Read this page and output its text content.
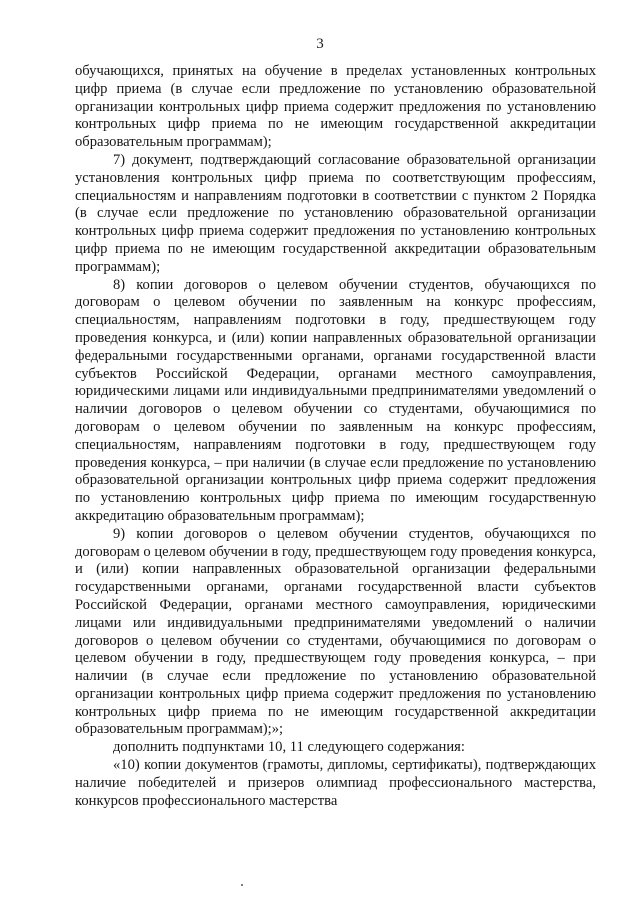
3

обучающихся, принятых на обучение в пределах установленных контрольных цифр приема (в случае если предложение по установлению образовательной организации контрольных цифр приема содержит предложения по установлению контрольных цифр приема по не имеющим государственной аккредитации образовательным программам);

7) документ, подтверждающий согласование образовательной организации установления контрольных цифр приема по соответствующим профессиям, специальностям и направлениям подготовки в соответствии с пунктом 2 Порядка (в случае если предложение по установлению образовательной организации контрольных цифр приема содержит предложения по установлению контрольных цифр приема по не имеющим государственной аккредитации образовательным программам);

8) копии договоров о целевом обучении студентов, обучающихся по договорам о целевом обучении по заявленным на конкурс профессиям, специальностям, направлениям подготовки в году, предшествующем году проведения конкурса, и (или) копии направленных образовательной организации федеральными государственными органами, органами государственной власти субъектов Российской Федерации, органами местного самоуправления, юридическими лицами или индивидуальными предпринимателями уведомлений о наличии договоров о целевом обучении со студентами, обучающимися по договорам о целевом обучении по заявленным на конкурс профессиям, специальностям, направлениям подготовки в году, предшествующем году проведения конкурса, – при наличии (в случае если предложение по установлению образовательной организации контрольных цифр приема содержит предложения по установлению контрольных цифр приема по имеющим государственную аккредитацию образовательным программам);

9) копии договоров о целевом обучении студентов, обучающихся по договорам о целевом обучении в году, предшествующем году проведения конкурса, и (или) копии направленных образовательной организации федеральными государственными органами, органами государственной власти субъектов Российской Федерации, органами местного самоуправления, юридическими лицами или индивидуальными предпринимателями уведомлений о наличии договоров о целевом обучении со студентами, обучающимися по договорам о целевом обучении в году, предшествующем году проведения конкурса, – при наличии (в случае если предложение по установлению образовательной организации контрольных цифр приема содержит предложения по установлению контрольных цифр приема по не имеющим государственной аккредитации образовательным программам);»;

дополнить подпунктами 10, 11 следующего содержания:

«10) копии документов (грамоты, дипломы, сертификаты), подтверждающих наличие победителей и призеров олимпиад профессионального мастерства, конкурсов профессионального мастерства
